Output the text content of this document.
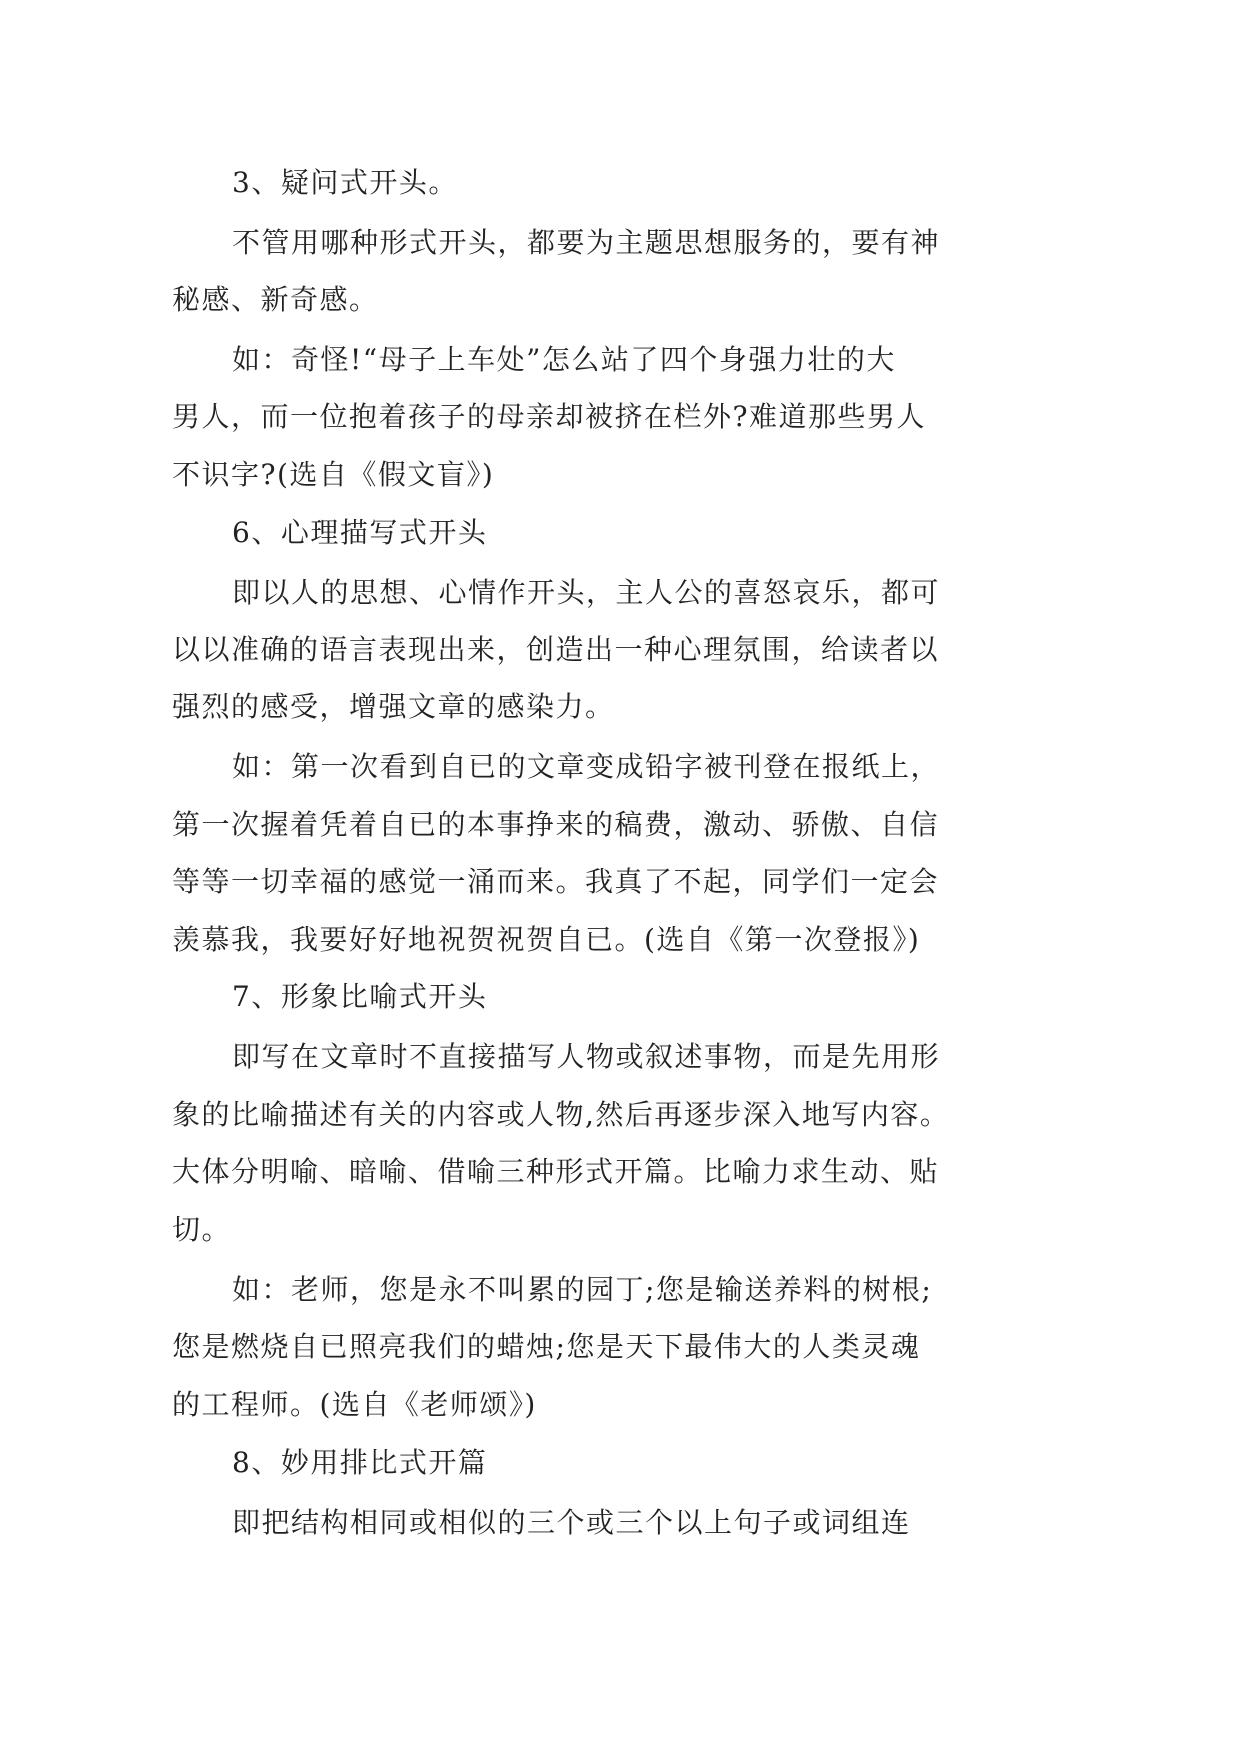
3、疑问式开头。
不管用哪种形式开头，都要为主题思想服务的，要有神
秘感、新奇感。
如：奇怪!“母子上车处”怎么站了四个身强力壮的大
男人，而一位抱着孩子的母亲却被挤在栏外?难道那些男人
不识字?(选自《假文盲》)
6、心理描写式开头
即以人的思想、心情作开头，主人公的喜怒哀乐，都可
以以准确的语言表现出来，创造出一种心理氛围，给读者以
强烈的感受，增强文章的感染力。
如：第一次看到自已的文章变成铅字被刊登在报纸上，
第一次握着凭着自已的本事挣来的稿费，激动、骄傲、自信
等等一切幸福的感觉一涌而来。我真了不起，同学们一定会
羡慕我，我要好好地祝贺祝贺自已。(选自《第一次登报》)
7、形象比喻式开头
即写在文章时不直接描写人物或叙述事物，而是先用形
象的比喻描述有关的内容或人物,然后再逐步深入地写内容。
大体分明喻、暗喻、借喻三种形式开篇。比喻力求生动、贴
切。
如：老师，您是永不叫累的园丁;您是输送养料的树根;
您是燃烧自已照亮我们的蜡烛;您是天下最伟大的人类灵魂
的工程师。(选自《老师颂》)
8、妙用排比式开篇
即把结构相同或相似的三个或三个以上句子或词组连
